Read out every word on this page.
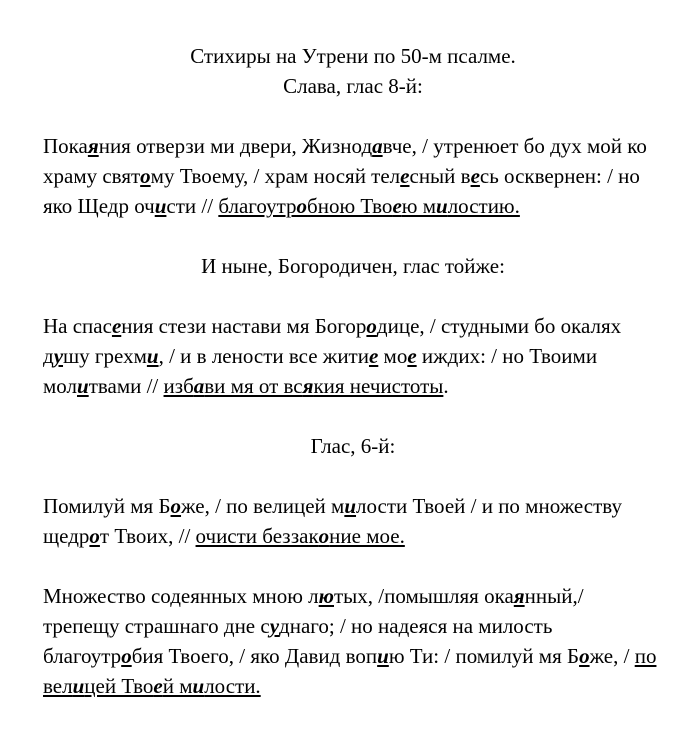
Стихиры на Утрени по 50-м псалме.
Слава, глас 8-й:

Покаяния отверзи ми двери, Жизнодавче, / утренюет бо дух мой ко храму святому Твоему, / храм носяй телесный весь осквернен: / но яко Щедр очисти // благоутробною Твоею милостию.

И ныне, Богородичен, глас тойже:

На спасения стези настави мя Богородице, / студными бо окалях душу грехми, / и в лености все житие мое иждих: / но Твоими молитвами // избави мя от всякия нечистоты.

Глас, 6-й:

Помилуй мя Боже, / по велицей милости Твоей / и по множеству щедрот Твоих, // очисти беззаконие мое.

Множество содеянных мною лютых, /помышляя окаянный,/ трепещу страшнаго дне суднаго; / но надеяся на милость благоутробия Твоего, / яко Давид вопию Ти: / помилуй мя Боже, / по велицей Твоей милости.
